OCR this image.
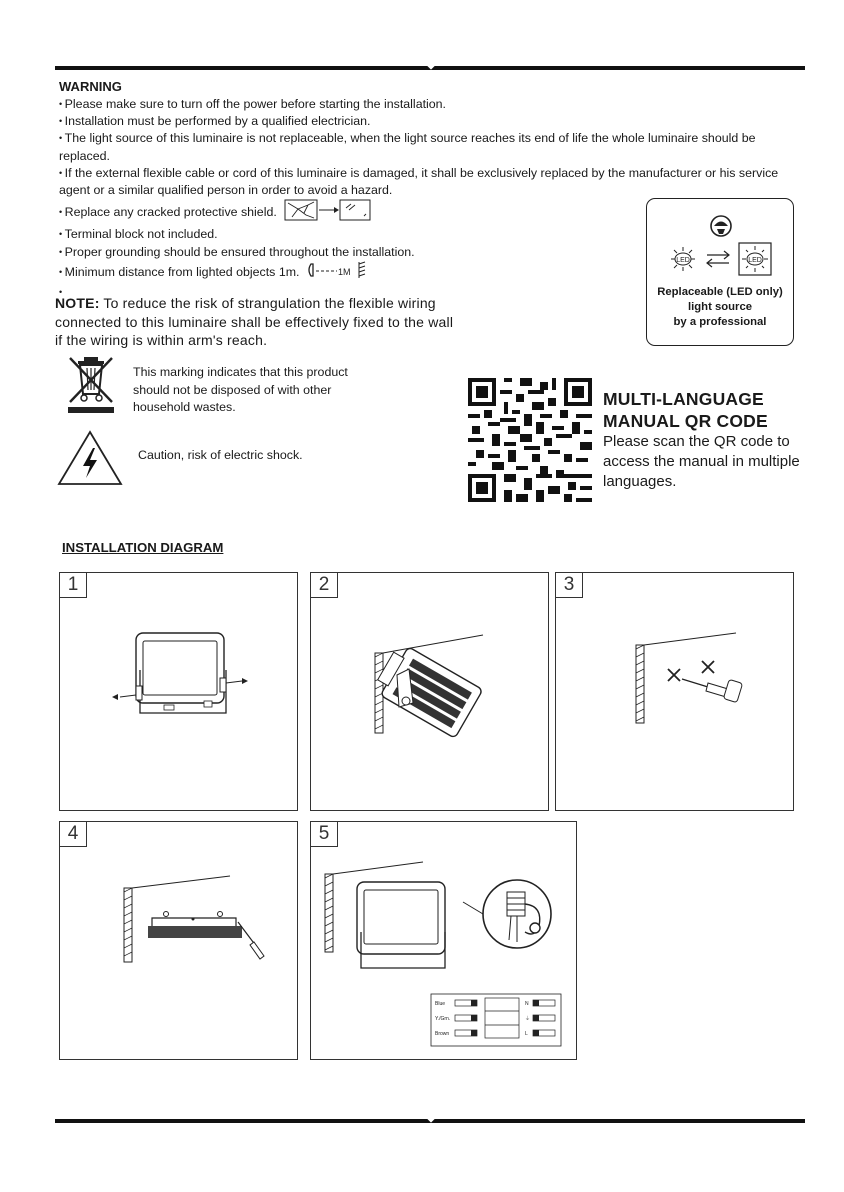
WARNING
• Please make sure to turn off the power before starting the installation.
• Installation must be performed by a qualified electrician.
• The light source of this luminaire is not replaceable, when the light source reaches its end of life the whole luminaire should be replaced.
• If the external flexible cable or cord of this luminaire is damaged, it shall be exclusively replaced by the manufacturer or his service agent or a similar qualified person in order to avoid a hazard.
• Replace any cracked protective shield.
• Terminal block not included.
• Proper grounding should be ensured throughout the installation.
• Minimum distance from lighted objects 1m.	1M
•
LED	LED
Replaceable (LED only)
light source
by a professional
NOTE: To reduce the risk of strangulation the flexible wiring connected to this luminaire shall be effectively fixed to the wall if the wiring is within arm's reach.
This marking indicates that this product should not be disposed of with other household wastes.
Caution, risk of electric shock.
MULTI-LANGUAGE
MANUAL QR CODE
Please scan the QR code to access the manual in multiple languages.
INSTALLATION DIAGRAM
1	2	3
4	5
Blue
Y./Grn.
Brown
N
⏚
L
